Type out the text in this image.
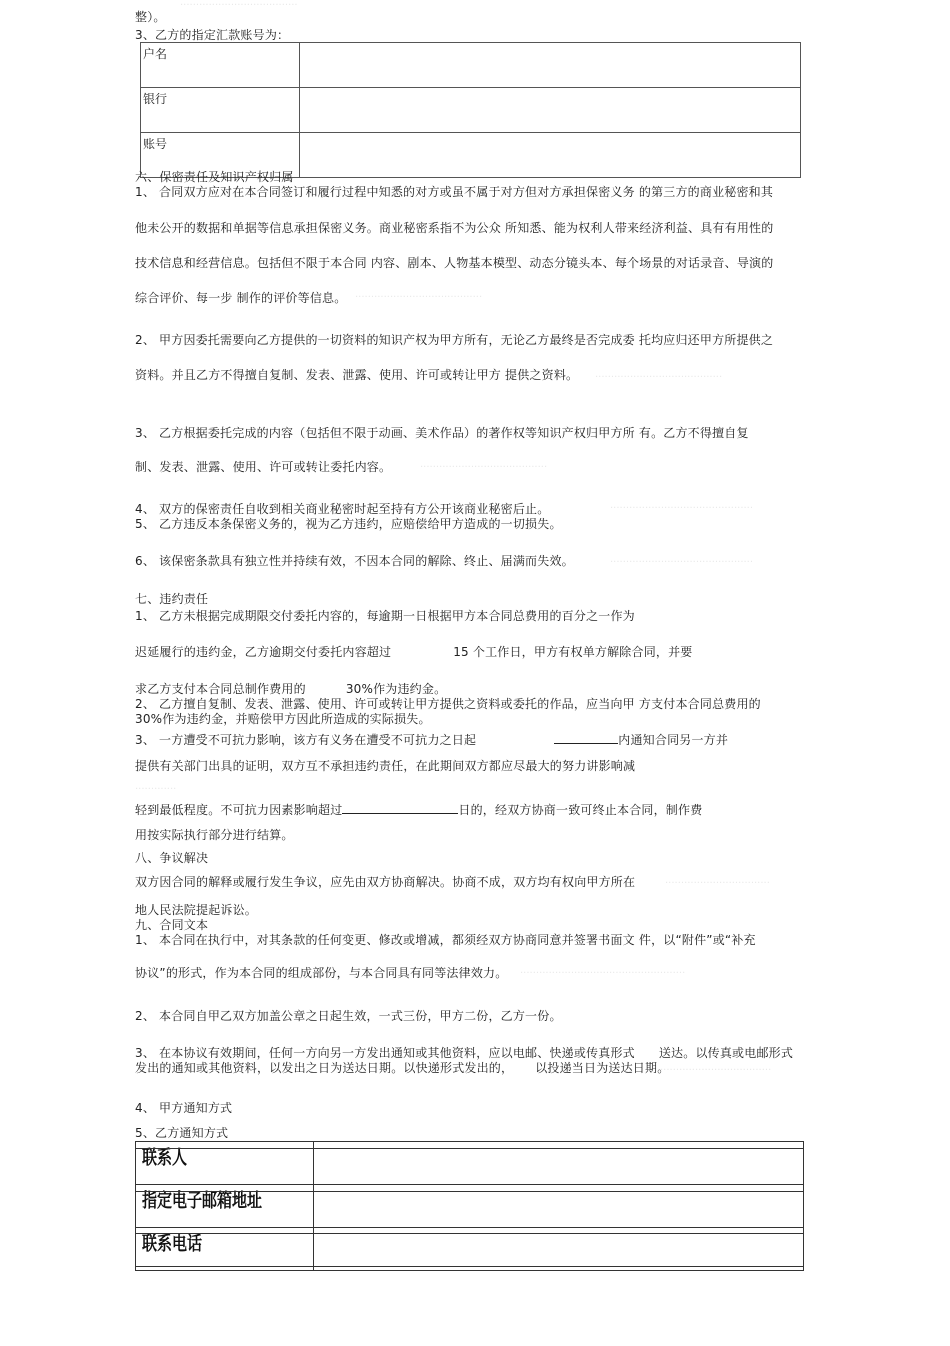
·····································
········································
········································
········································
·············································
·············································
·············
·································
····················································
···································
整）。
3、乙方的指定汇款账号为：
户名	
银行	
账号	
六、保密责任及知识产权归属
1、 合同双方应对在本合同签订和履行过程中知悉的对方或虽不属于对方但对方承担保密义务 的第三方的商业秘密和其
他未公开的数据和单据等信息承担保密义务。商业秘密系指不为公众 所知悉、能为权利人带来经济利益、具有有用性的
技术信息和经营信息。包括但不限于本合同 内容、剧本、人物基本模型、动态分镜头本、每个场景的对话录音、导演的
综合评价、每一步 制作的评价等信息。
2、 甲方因委托需要向乙方提供的一切资料的知识产权为甲方所有，无论乙方最终是否完成委 托均应归还甲方所提供之
资料。并且乙方不得擅自复制、发表、泄露、使用、许可或转让甲方 提供之资料。
3、 乙方根据委托完成的内容（包括但不限于动画、美术作品）的著作权等知识产权归甲方所 有。乙方不得擅自复
制、发表、泄露、使用、许可或转让委托内容。
4、 双方的保密责任自收到相关商业秘密时起至持有方公开该商业秘密后止。
5、 乙方违反本条保密义务的，视为乙方违约，应赔偿给甲方造成的一切损失。
6、 该保密条款具有独立性并持续有效，不因本合同的解除、终止、届满而失效。
七、违约责任
1、 乙方未根据完成期限交付委托内容的，每逾期一日根据甲方本合同总费用的百分之一作为
迟延履行的违约金，乙方逾期交付委托内容超过	15 个工作日，甲方有权单方解除合同，并要
求乙方支付本合同总制作费用的	30%作为违约金。
2、 乙方擅自复制、发表、泄露、使用、许可或转让甲方提供之资料或委托的作品，应当向甲 方支付本合同总费用的
30%作为违约金，并赔偿甲方因此所造成的实际损失。
3、 一方遭受不可抗力影响，该方有义务在遭受不可抗力之日起	内通知合同另一方并
提供有关部门出具的证明，双方互不承担违约责任，在此期间双方都应尽最大的努力讲影响减
轻到最低程度。不可抗力因素影响超过	日的，经双方协商一致可终止本合同，制作费
用按实际执行部分进行结算。
八、争议解决
双方因合同的解释或履行发生争议，应先由双方协商解决。协商不成，双方均有权向甲方所在
地人民法院提起诉讼。
九、合同文本
1、 本合同在执行中，对其条款的任何变更、修改或增减，都须经双方协商同意并签署书面文 件，以“附件”或“补充
协议”的形式，作为本合同的组成部份，与本合同具有同等法律效力。
2、 本合同自甲乙双方加盖公章之日起生效，一式三份，甲方二份，乙方一份。
3、 在本协议有效期间，任何一方向另一方发出通知或其他资料，应以电邮、快递或传真形式 送达。以传真或电邮形式
发出的通知或其他资料，以发出之日为送达日期。以快递形式发出的， 以投递当日为送达日期。
4、 甲方通知方式
5、乙方通知方式
联系人	
指定电子邮箱地址	
联系电话	
